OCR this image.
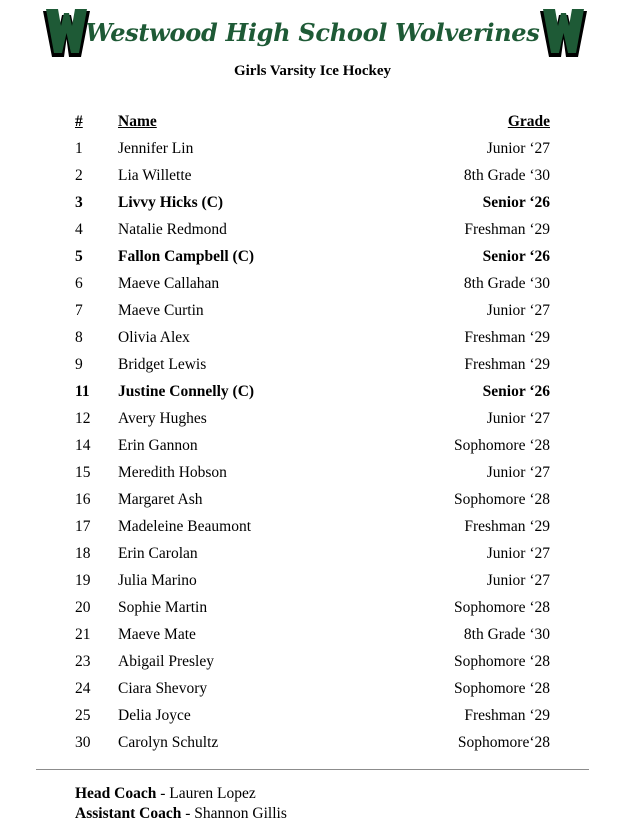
Westwood High School Wolverines
Girls Varsity Ice Hockey
# Name	Grade
1 Jennifer Lin	Junior ‘27
2 Lia Willette	8th Grade ‘30
3 Livvy Hicks (C)	Senior ‘26
4 Natalie Redmond	Freshman ‘29
5 Fallon Campbell (C)	Senior ‘26
6 Maeve Callahan	8th Grade ‘30
7 Maeve Curtin	Junior ‘27
8 Olivia Alex	Freshman ‘29
9 Bridget Lewis	Freshman ‘29
11 Justine Connelly (C)	Senior ‘26
12 Avery Hughes	Junior ‘27
14 Erin Gannon	Sophomore ‘28
15 Meredith Hobson	Junior ‘27
16 Margaret Ash	Sophomore ‘28
17 Madeleine Beaumont	Freshman ‘29
18 Erin Carolan	Junior ‘27
19 Julia Marino	Junior ‘27
20 Sophie Martin	Sophomore ‘28
21 Maeve Mate	8th Grade ‘30
23 Abigail Presley	Sophomore ‘28
24 Ciara Shevory	Sophomore ‘28
25 Delia Joyce	Freshman ‘29
30 Carolyn Schultz	Sophomore‘28
Head Coach - Lauren Lopez
Assistant Coach - Shannon Gillis
